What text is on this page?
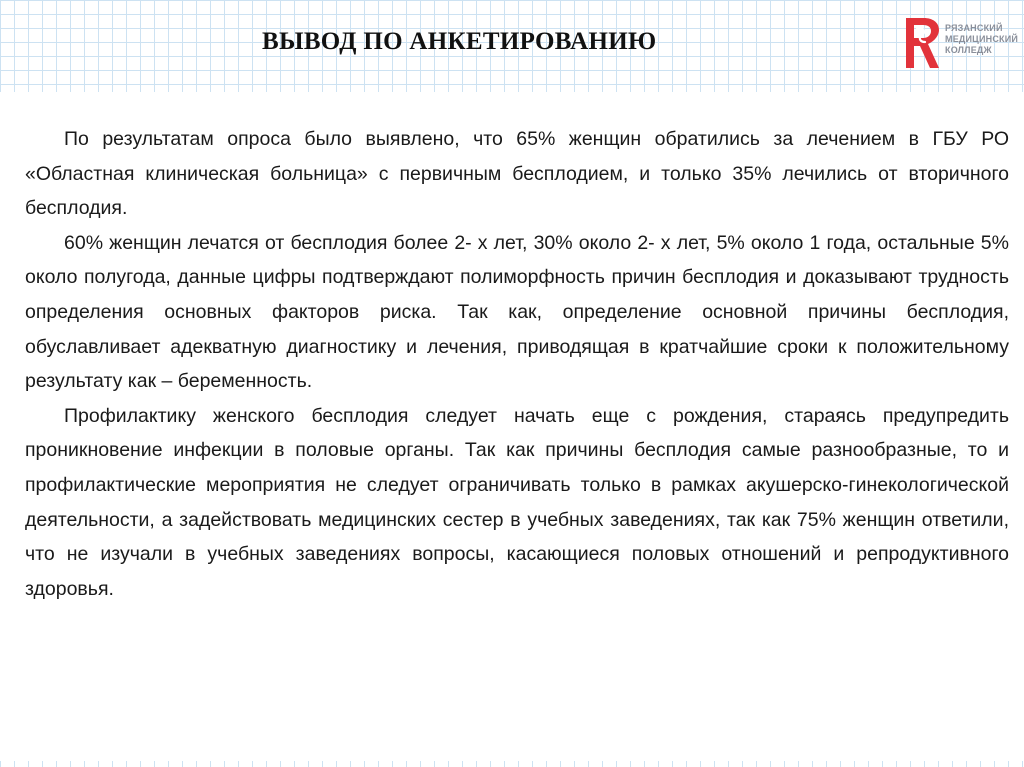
ВЫВОД ПО АНКЕТИРОВАНИЮ	РЯЗАНСКИЙ
МЕДИЦИНСКИЙ
КОЛЛЕДЖ

По результатам опроса было выявлено, что 65% женщин обратились за лечением в ГБУ РО «Областная клиническая больница» с первичным бесплодием, и только 35% лечились от вторичного бесплодия.

60% женщин лечатся от бесплодия более 2- х лет, 30% около 2- х лет, 5% около 1 года, остальные 5% около полугода, данные цифры подтверждают полиморфность причин бесплодия и доказывают трудность определения основных факторов риска. Так как, определение основной причины бесплодия, обуславливает адекватную диагностику и лечения, приводящая в кратчайшие сроки к положительному результату как – беременность.

Профилактику женского бесплодия следует начать еще с рождения, стараясь предупредить проникновение инфекции в половые органы. Так как причины бесплодия самые разнообразные, то и профилактические мероприятия не следует ограничивать только в рамках акушерско-гинекологической деятельности, а задействовать медицинских сестер в учебных заведениях, так как 75% женщин ответили, что не изучали в учебных заведениях вопросы, касающиеся половых отношений и репродуктивного здоровья.
